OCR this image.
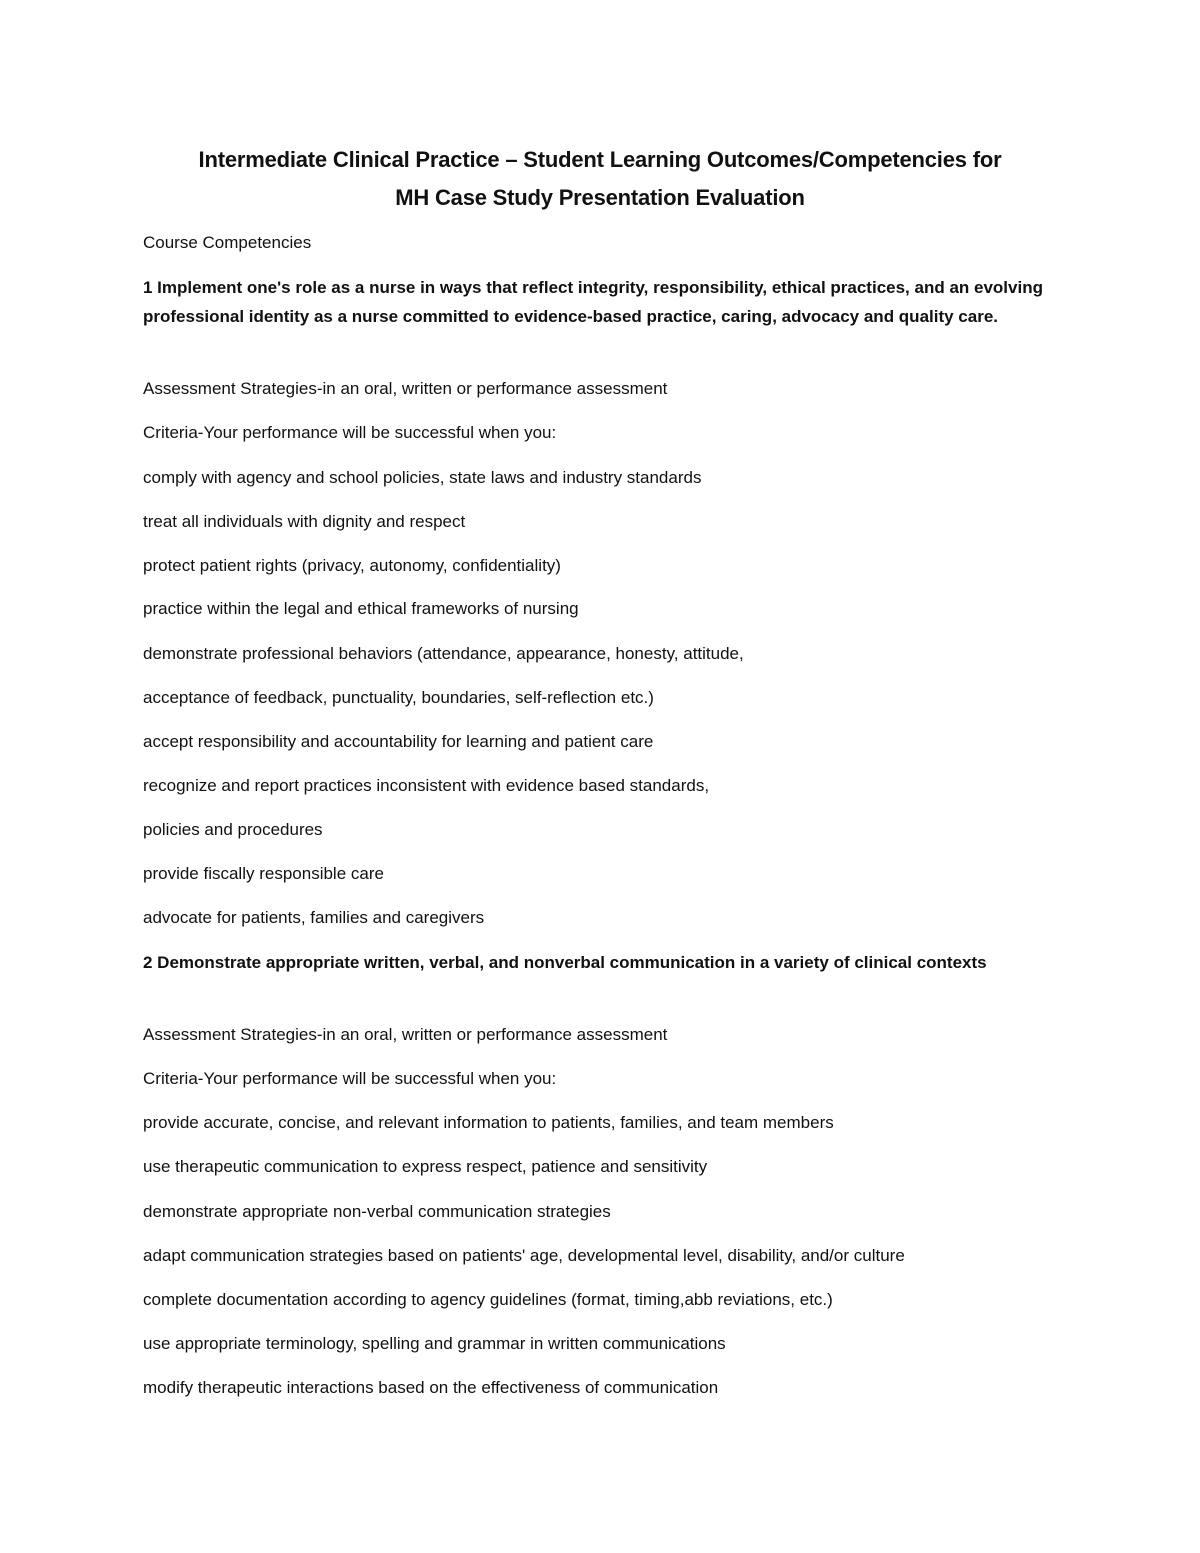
Intermediate Clinical Practice – Student Learning Outcomes/Competencies for
MH Case Study Presentation Evaluation
Course Competencies
1 Implement one's role as a nurse in ways that reflect integrity, responsibility, ethical practices, and an evolving professional identity as a nurse committed to evidence-based practice, caring, advocacy and quality care.
Assessment Strategies-in an oral, written or performance assessment
Criteria-Your performance will be successful when you:
comply with agency and school policies, state laws and industry standards
treat all individuals with dignity and respect
protect patient rights (privacy, autonomy, confidentiality)
practice within the legal and ethical frameworks of nursing
demonstrate professional behaviors (attendance, appearance, honesty, attitude,
acceptance of feedback, punctuality, boundaries, self-reflection etc.)
accept responsibility and accountability for learning and patient care
recognize and report practices inconsistent with evidence based standards,
policies and procedures
provide fiscally responsible care
advocate for patients, families and caregivers
2 Demonstrate appropriate written, verbal, and nonverbal communication in a variety of clinical contexts
Assessment Strategies-in an oral, written or performance assessment
Criteria-Your performance will be successful when you:
provide accurate, concise, and relevant information to patients, families, and team members
use therapeutic communication to express respect, patience and sensitivity
demonstrate appropriate non-verbal communication strategies
adapt communication strategies based on patients' age, developmental level, disability, and/or culture
complete documentation according to agency guidelines (format, timing,abb reviations, etc.)
use appropriate terminology, spelling and grammar in written communications
modify therapeutic interactions based on the effectiveness of communication
